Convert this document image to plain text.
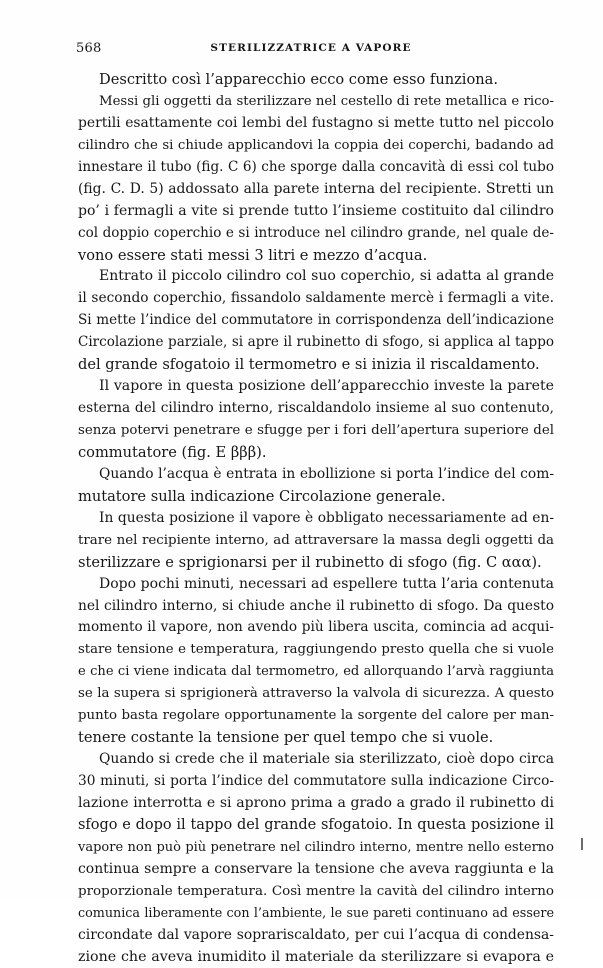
568	STERILIZZATRICE A VAPORE
Descritto così l’apparecchio ecco come esso funziona.
Messi gli oggetti da sterilizzare nel cestello di rete metallica e rico-
pertili esattamente coi lembi del fustagno si mette tutto nel piccolo
cilindro che si chiude applicandovi la coppia dei coperchi, badando ad
innestare il tubo (fig. C 6) che sporge dalla concavità di essi col tubo
(fig. C. D. 5) addossato alla parete interna del recipiente. Stretti un
po’ i fermagli a vite si prende tutto l’insieme costituito dal cilindro
col doppio coperchio e si introduce nel cilindro grande, nel quale de-
vono essere stati messi 3 litri e mezzo d’acqua.
Entrato il piccolo cilindro col suo coperchio, si adatta al grande
il secondo coperchio, fissandolo saldamente mercè i fermagli a vite.
Si mette l’indice del commutatore in corrispondenza dell’indicazione
Circolazione parziale, si apre il rubinetto di sfogo, si applica al tappo
del grande sfogatoio il termometro e si inizia il riscaldamento.
Il vapore in questa posizione dell’apparecchio investe la parete
esterna del cilindro interno, riscaldandolo insieme al suo contenuto,
senza potervi penetrare e sfugge per i fori dell’apertura superiore del
commutatore (fig. E βββ).
Quando l’acqua è entrata in ebollizione si porta l’indice del com-
mutatore sulla indicazione Circolazione generale.
In questa posizione il vapore è obbligato necessariamente ad en-
trare nel recipiente interno, ad attraversare la massa degli oggetti da
sterilizzare e sprigionarsi per il rubinetto di sfogo (fig. C ααα).
Dopo pochi minuti, necessari ad espellere tutta l’aria contenuta
nel cilindro interno, si chiude anche il rubinetto di sfogo. Da questo
momento il vapore, non avendo più libera uscita, comincia ad acqui-
stare tensione e temperatura, raggiungendo presto quella che si vuole
e che ci viene indicata dal termometro, ed allorquando l’arvà raggiunta
se la supera si sprigionerà attraverso la valvola di sicurezza. A questo
punto basta regolare opportunamente la sorgente del calore per man-
tenere costante la tensione per quel tempo che si vuole.
Quando si crede che il materiale sia sterilizzato, cioè dopo circa
30 minuti, si porta l’indice del commutatore sulla indicazione Circo-
lazione interrotta e si aprono prima a grado a grado il rubinetto di
sfogo e dopo il tappo del grande sfogatoio. In questa posizione il
vapore non può più penetrare nel cilindro interno, mentre nello esterno
continua sempre a conservare la tensione che aveva raggiunta e la
proporzionale temperatura. Così mentre la cavità del cilindro interno
comunica liberamente con l’ambiente, le sue pareti continuano ad essere
circondate dal vapore soprariscaldato, per cui l’acqua di condensa-
zione che aveva inumidito il materiale da sterilizzare si evapora e
